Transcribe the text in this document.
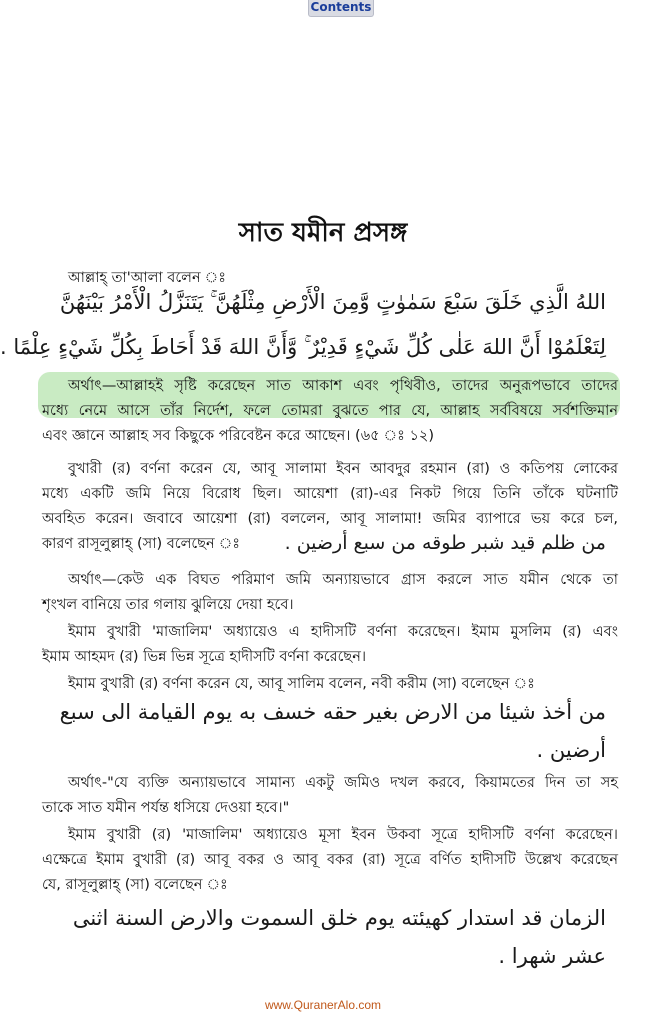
Contents
সাত যমীন প্রসঙ্গ
আল্লাহ্ তা'আলা বলেন ঃ
اللهُ الَّذِي خَلَقَ سَبْعَ سَمٰوٰتٍ وَّمِنَ الْأَرْضِ مِثْلَهُنَّ ۚ يَتَنَزَّلُ الْأَمْرُ بَيْنَهُنَّ
لِتَعْلَمُوْا أَنَّ اللهَ عَلٰى كُلِّ شَيْءٍ قَدِيْرٌ ۚ وَّأَنَّ اللهَ قَدْ أَحَاطَ بِكُلِّ شَيْءٍ عِلْمًا .
অর্থাৎ—আল্লাহই সৃষ্টি করেছেন সাত আকাশ এবং পৃথিবীও, তাদের অনুরূপভাবে তাদের
মধ্যে নেমে আসে তাঁর নির্দেশ, ফলে তোমরা বুঝতে পার যে, আল্লাহ সর্ববিষয়ে সর্বশক্তিমান
এবং জ্ঞানে আল্লাহ সব কিছুকে পরিবেষ্টন করে আছেন। (৬৫ ঃ ১২)
বুখারী (র) বর্ণনা করেন যে, আবূ সালামা ইবন আবদুর রহমান (রা) ও কতিপয় লোকের
মধ্যে একটি জমি নিয়ে বিরোধ ছিল। আয়েশা (রা)-এর নিকট গিয়ে তিনি তাঁকে ঘটনাটি
অবহিত করেন। জবাবে আয়েশা (রা) বললেন, আবূ সালামা! জমির ব্যাপারে ভয় করে চল,
কারণ রাসূলুল্লাহ্ (সা) বলেছেন ঃ	من ظلم قيد شبر طوقه من سبع أرضين .
অর্থাৎ—কেউ এক বিঘত পরিমাণ জমি অন্যায়ভাবে গ্রাস করলে সাত যমীন থেকে তা
শৃংখল বানিয়ে তার গলায় ঝুলিয়ে দেয়া হবে।
ইমাম বুখারী 'মাজালিম' অধ্যায়েও এ হাদীসটি বর্ণনা করেছেন। ইমাম মুসলিম (র) এবং
ইমাম আহমদ (র) ভিন্ন ভিন্ন সূত্রে হাদীসটি বর্ণনা করেছেন।
ইমাম বুখারী (র) বর্ণনা করেন যে, আবূ সালিম বলেন, নবী করীম (সা) বলেছেন ঃ
من أخذ شيئا من الارض بغير حقه خسف به يوم القيامة الى سبع
أرضين .
অর্থাৎ-"যে ব্যক্তি অন্যায়ভাবে সামান্য একটু জমিও দখল করবে, কিয়ামতের দিন তা সহ
তাকে সাত যমীন পর্যন্ত ধসিয়ে দেওয়া হবে।"
ইমাম বুখারী (র) 'মাজালিম' অধ্যায়েও মূসা ইবন উকবা সূত্রে হাদীসটি বর্ণনা করেছেন।
এক্ষেত্রে ইমাম বুখারী (র) আবূ বকর ও আবূ বকর (রা) সূত্রে বর্ণিত হাদীসটি উল্লেখ করেছেন
যে, রাসূলুল্লাহ্ (সা) বলেছেন ঃ
الزمان قد استدار كهيئته يوم خلق السموت والارض السنة اثنى
عشر شهرا .
www.QuranerAlo.com
